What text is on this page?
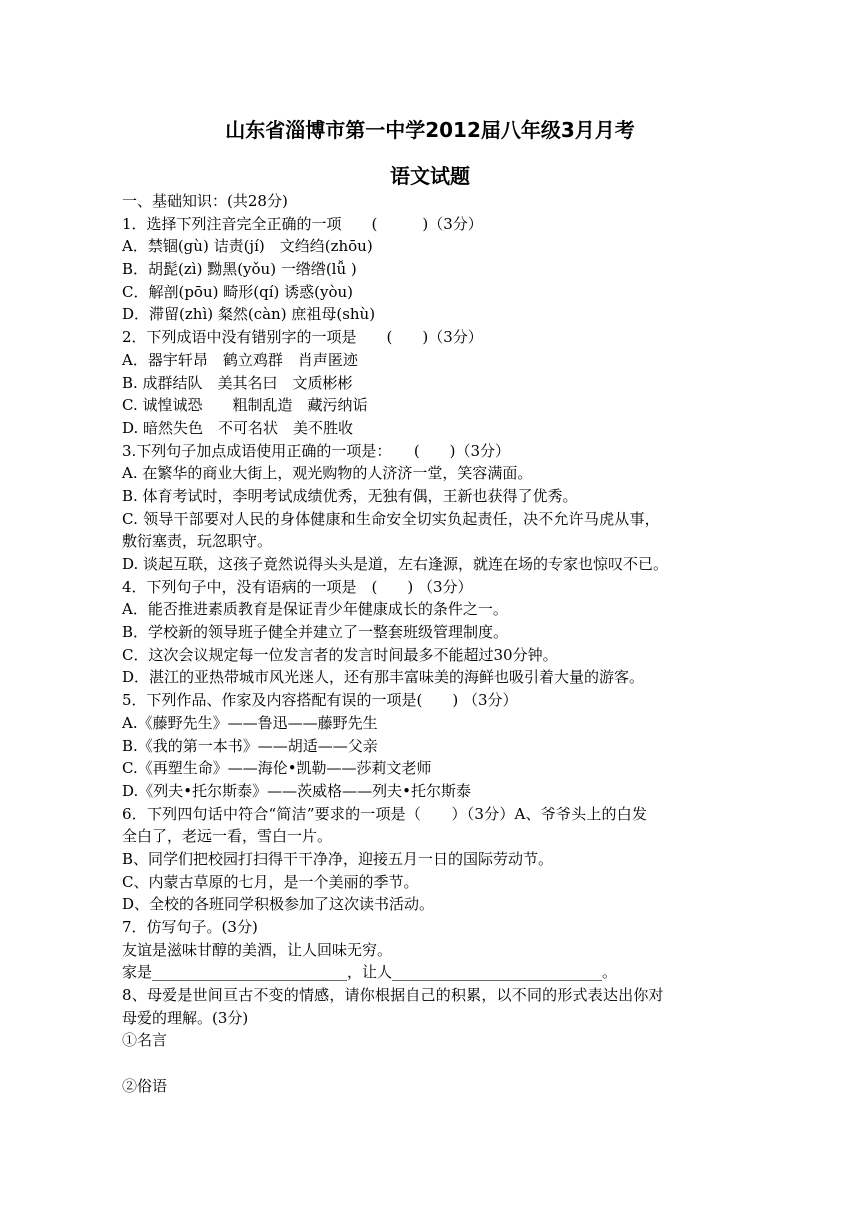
山东省淄博市第一中学2012届八年级3月月考
语文试题
一、基础知识：(共28分)
1．选择下列注音完全正确的一项　　(　　　)（3分）
A．禁锢(gù) 诘责(jí)　文绉绉(zhōu)
B．胡髭(zì) 黝黑(yǒu) 一绺绺(lǚ )
C．解剖(pōu) 畸形(qí) 诱惑(yòu)
D．滞留(zhì) 粲然(càn) 庶祖母(shù)
2．下列成语中没有错别字的一项是　　(　　)（3分）
A．器宇轩昂　鹤立鸡群　肖声匿迹
B. 成群结队　美其名曰　文质彬彬
C. 诚惶诚恐　　粗制乱造　藏污纳诟
D. 暗然失色　不可名状　美不胜收
3.下列句子加点成语使用正确的一项是：　　(　　)（3分）
A. 在繁华的商业大街上，观光购物的人济济一堂，笑容满面。
B. 体育考试时，李明考试成绩优秀，无独有偶，王新也获得了优秀。
C. 领导干部要对人民的身体健康和生命安全切实负起责任，决不允许马虎从事，
敷衍塞责，玩忽职守。
D. 谈起互联，这孩子竟然说得头头是道，左右逢源，就连在场的专家也惊叹不已。
4．下列句子中，没有语病的一项是　(　　) （3分）
A．能否推进素质教育是保证青少年健康成长的条件之一。
B．学校新的领导班子健全并建立了一整套班级管理制度。
C．这次会议规定每一位发言者的发言时间最多不能超过30分钟。
D．湛江的亚热带城市风光迷人，还有那丰富味美的海鲜也吸引着大量的游客。
5．下列作品、作家及内容搭配有误的一项是(　　) （3分）
A.《藤野先生》——鲁迅——藤野先生
B.《我的第一本书》——胡适——父亲
C.《再塑生命》——海伦•凯勒——莎莉文老师
D.《列夫•托尔斯泰》——茨威格——列夫•托尔斯泰
6．下列四句话中符合“简洁”要求的一项是（　　）（3分）A、爷爷头上的白发
全白了，老远一看，雪白一片。
B、同学们把校园打扫得干干净净，迎接五月一日的国际劳动节。
C、内蒙古草原的七月，是一个美丽的季节。
D、全校的各班同学积极参加了这次读书活动。
7．仿写句子。(3分)
友谊是滋味甘醇的美酒，让人回味无穷。
家是__________________________，让人____________________________。
8、母爱是世间亘古不变的情感，请你根据自己的积累，以不同的形式表达出你对
母爱的理解。(3分)
①名言
②俗语
